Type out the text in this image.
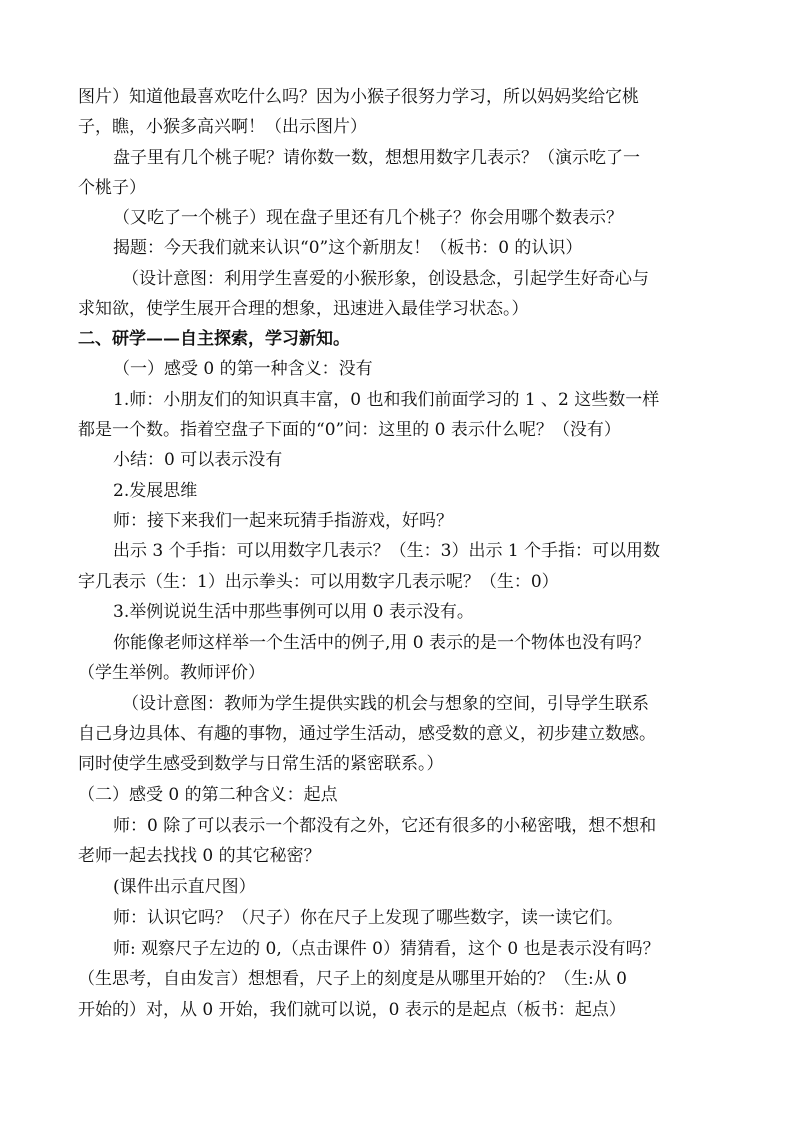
图片）知道他最喜欢吃什么吗？因为小猴子很努力学习，所以妈妈奖给它桃
子，瞧，小猴多高兴啊！（出示图片）
盘子里有几个桃子呢？请你数一数，想想用数字几表示？（演示吃了一
个桃子）
（又吃了一个桃子）现在盘子里还有几个桃子？你会用哪个数表示？
揭题：今天我们就来认识“0”这个新朋友！（板书：0 的认识）
（设计意图：利用学生喜爱的小猴形象，创设悬念，引起学生好奇心与
求知欲，使学生展开合理的想象，迅速进入最佳学习状态。）
二、研学——自主探索，学习新知。
（一）感受 0 的第一种含义：没有
1.师：小朋友们的知识真丰富，0 也和我们前面学习的 1 、2 这些数一样
都是一个数。指着空盘子下面的“0”问：这里的 0 表示什么呢？（没有）
小结：0 可以表示没有
2.发展思维
师：接下来我们一起来玩猜手指游戏，好吗？
出示 3 个手指：可以用数字几表示？（生：3）出示 1 个手指：可以用数
字几表示（生：1）出示拳头：可以用数字几表示呢？（生：0）
3.举例说说生活中那些事例可以用 0 表示没有。
你能像老师这样举一个生活中的例子,用 0 表示的是一个物体也没有吗？
（学生举例。教师评价）
（设计意图：教师为学生提供实践的机会与想象的空间，引导学生联系
自己身边具体、有趣的事物，通过学生活动，感受数的意义，初步建立数感。
同时使学生感受到数学与日常生活的紧密联系。）
（二）感受 0 的第二种含义：起点
师：0 除了可以表示一个都没有之外，它还有很多的小秘密哦，想不想和
老师一起去找找 0 的其它秘密？
(课件出示直尺图）
师：认识它吗？（尺子）你在尺子上发现了哪些数字，读一读它们。
师: 观察尺子左边的 0,（点击课件 0）猜猜看，这个 0 也是表示没有吗？
（生思考，自由发言）想想看，尺子上的刻度是从哪里开始的？（生:从 0
开始的）对，从 0 开始，我们就可以说，0 表示的是起点（板书：起点）
